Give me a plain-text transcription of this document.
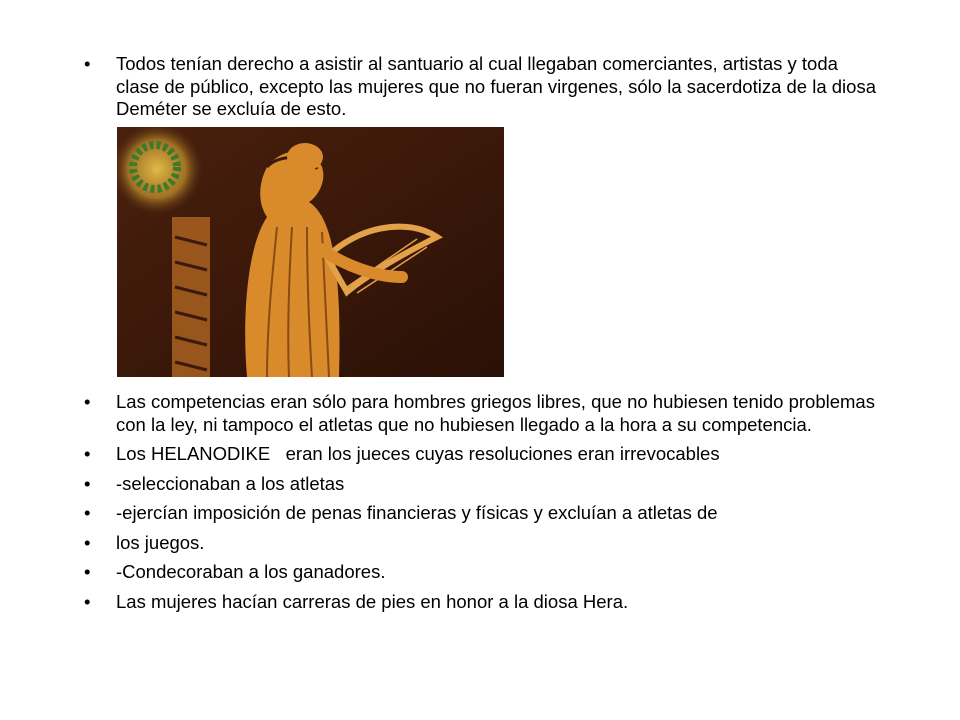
•	Todos tenían derecho a asistir al santuario al cual llegaban comerciantes, artistas y toda clase de público, excepto las mujeres que no fueran virgenes, sólo la sacerdotiza de la diosa Deméter se excluía de esto.
•	Las competencias eran sólo para hombres griegos libres, que no hubiesen tenido problemas con la ley, ni tampoco el atletas que no hubiesen llegado a la hora a su competencia.
•	Los HELANODIKE   eran los jueces cuyas resoluciones eran irrevocables
•	-seleccionaban a los atletas
•	-ejercían imposición de penas financieras y físicas y excluían a atletas de
•	los juegos.
•	-Condecoraban a los ganadores.
•	Las mujeres hacían carreras de pies en honor a la diosa Hera.
